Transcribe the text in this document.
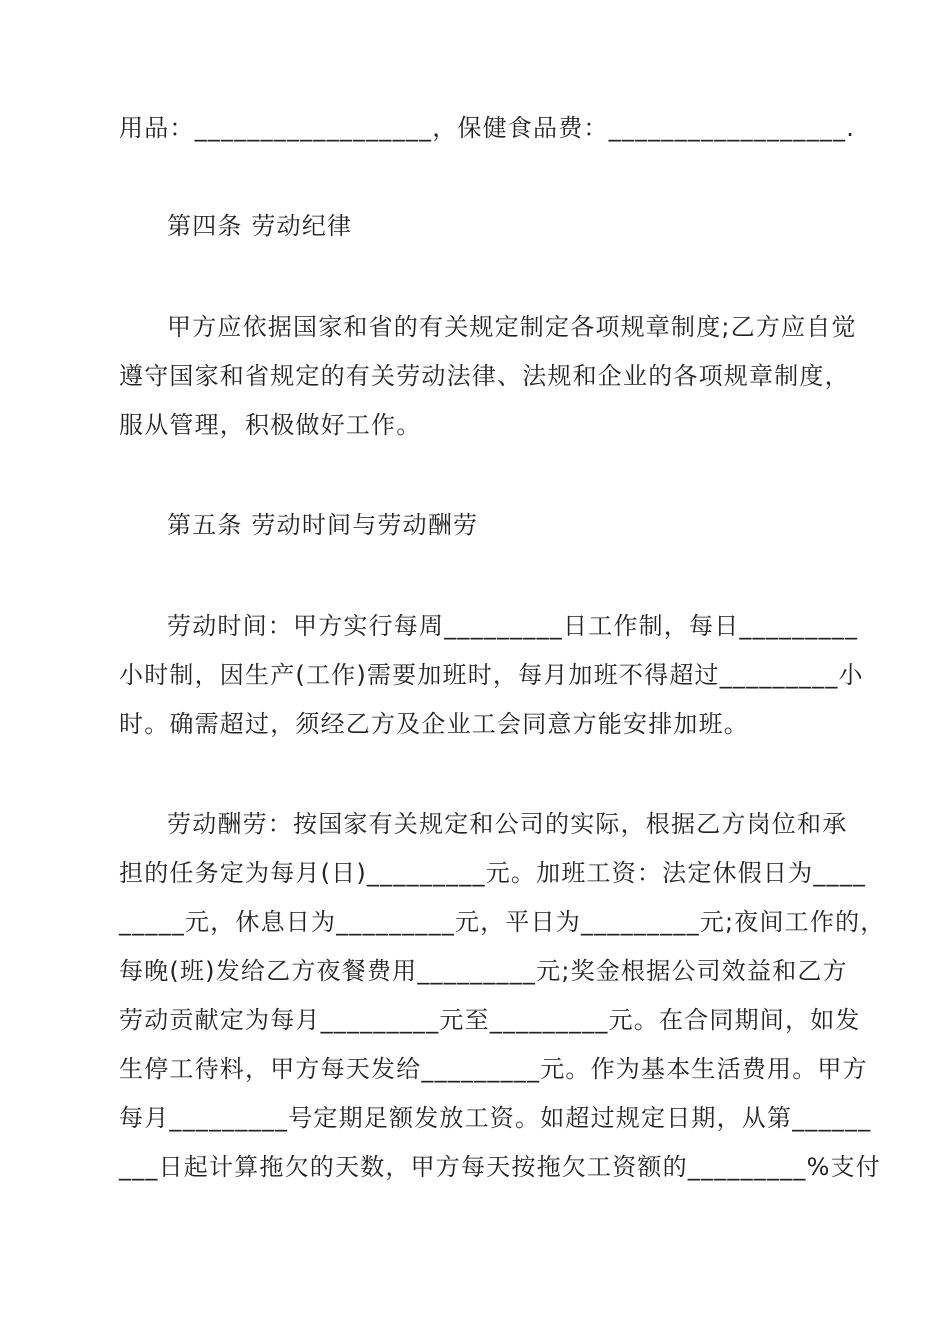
用品：__________________，保健食品费：__________________.
第四条 劳动纪律
甲方应依据国家和省的有关规定制定各项规章制度;乙方应自觉
遵守国家和省规定的有关劳动法律、法规和企业的各项规章制度，
服从管理，积极做好工作。
第五条 劳动时间与劳动酬劳
劳动时间：甲方实行每周_________日工作制，每日_________
小时制，因生产(工作)需要加班时，每月加班不得超过_________小
时。确需超过，须经乙方及企业工会同意方能安排加班。
劳动酬劳：按国家有关规定和公司的实际，根据乙方岗位和承
担的任务定为每月(日)_________元。加班工资：法定休假日为____
_____元，休息日为_________元，平日为_________元;夜间工作的，
每晚(班)发给乙方夜餐费用_________元;奖金根据公司效益和乙方
劳动贡献定为每月_________元至_________元。在合同期间，如发
生停工待料，甲方每天发给_________元。作为基本生活费用。甲方
每月_________号定期足额发放工资。如超过规定日期，从第______
___日起计算拖欠的天数，甲方每天按拖欠工资额的_________%支付
